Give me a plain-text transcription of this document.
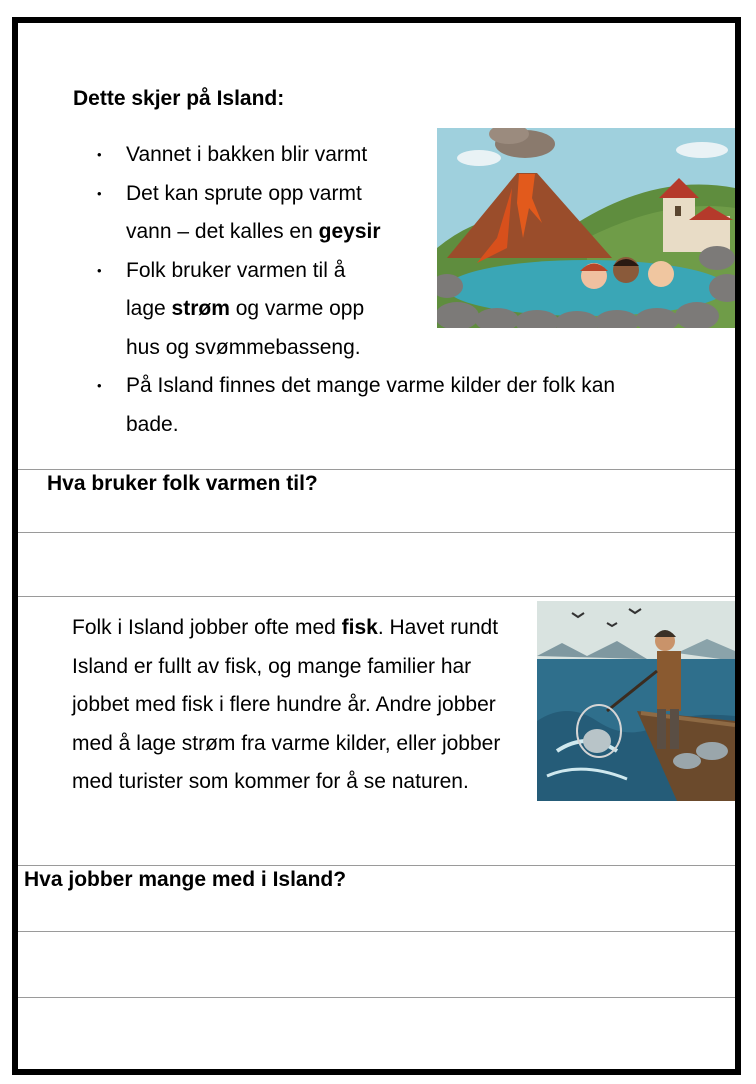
Dette skjer på Island:
• Vannet i bakken blir varmt
• Det kan sprute opp varmt vann – det kalles en geysir
• Folk bruker varmen til å lage strøm og varme opp hus og svømmebasseng.
• På Island finnes det mange varme kilder der folk kan bade.
Hva bruker folk varmen til?
Folk i Island jobber ofte med fisk. Havet rundt Island er fullt av fisk, og mange familier har jobbet med fisk i flere hundre år. Andre jobber med å lage strøm fra varme kilder, eller jobber med turister som kommer for å se naturen.
Hva jobber mange med i Island?
